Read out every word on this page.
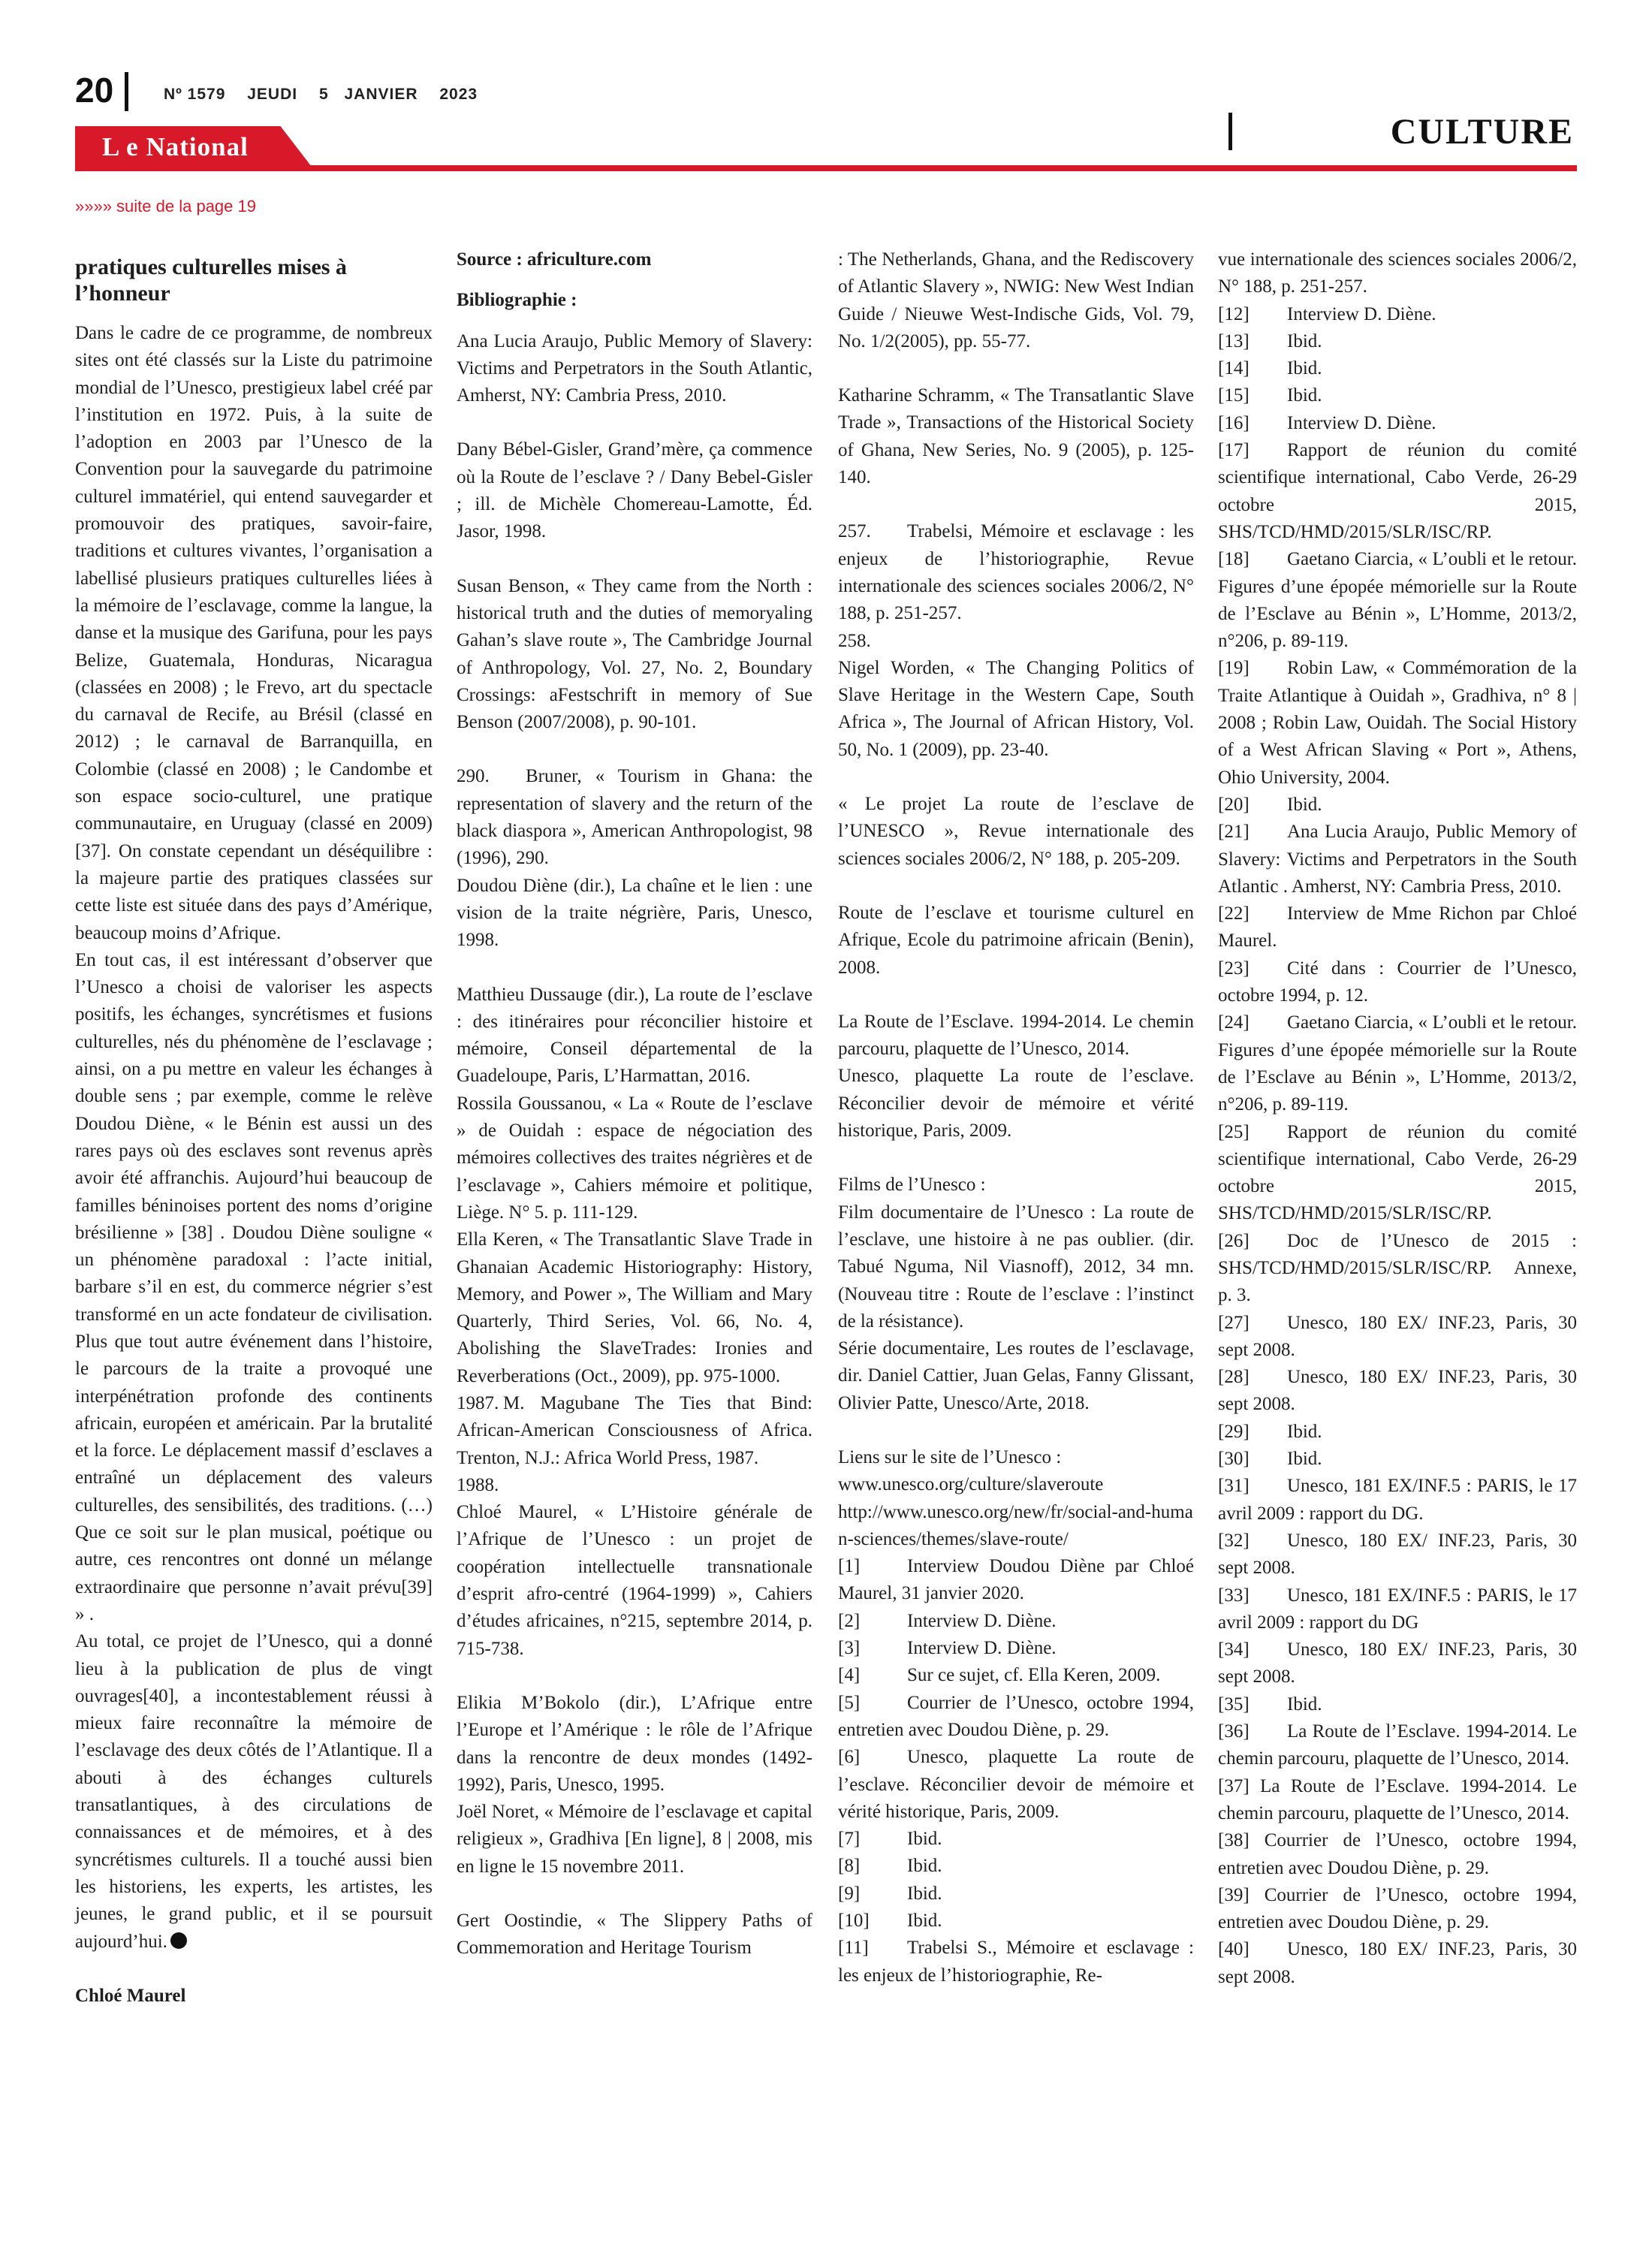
20	Nº 1579 JEUDI 5 JANVIER 2023
CULTURE
L e National
»»»» suite de la page 19

pratiques culturelles mises à l’honneur

Dans le cadre de ce programme, de nombreux sites ont été classés sur la Liste du patrimoine mondial de l’Unesco, prestigieux label créé par l’institution en 1972. Puis, à la suite de l’adoption en 2003 par l’Unesco de la Convention pour la sauvegarde du patrimoine culturel immatériel, qui entend sauvegarder et promouvoir des pratiques, savoir-faire, traditions et cultures vivantes, l’organisation a labellisé plusieurs pratiques culturelles liées à la mémoire de l’esclavage, comme la langue, la danse et la musique des Garifuna, pour les pays Belize, Guatemala, Honduras, Nicaragua (classées en 2008) ; le Frevo, art du spectacle du carnaval de Recife, au Brésil (classé en 2012) ; le carnaval de Barranquilla, en Colombie (classé en 2008) ; le Candombe et son espace socio-culturel, une pratique communautaire, en Uruguay (classé en 2009)[37]. On constate cependant un déséquilibre : la majeure partie des pratiques classées sur cette liste est située dans des pays d’Amérique, beaucoup moins d’Afrique.

En tout cas, il est intéressant d’observer que l’Unesco a choisi de valoriser les aspects positifs, les échanges, syncrétismes et fusions culturelles, nés du phénomène de l’esclavage ; ainsi, on a pu mettre en valeur les échanges à double sens ; par exemple, comme le relève Doudou Diène, « le Bénin est aussi un des rares pays où des esclaves sont revenus après avoir été affranchis. Aujourd’hui beaucoup de familles béninoises portent des noms d’origine brésilienne » [38] . Doudou Diène souligne « un phénomène paradoxal : l’acte initial, barbare s’il en est, du commerce négrier s’est transformé en un acte fondateur de civilisation. Plus que tout autre événement dans l’histoire, le parcours de la traite a provoqué une interpénétration profonde des continents africain, européen et américain. Par la brutalité et la force. Le déplacement massif d’esclaves a entraîné un déplacement des valeurs culturelles, des sensibilités, des traditions. (…) Que ce soit sur le plan musical, poétique ou autre, ces rencontres ont donné un mélange extraordinaire que personne n’avait prévu[39] » .

Au total, ce projet de l’Unesco, qui a donné lieu à la publication de plus de vingt ouvrages[40], a incontestablement réussi à mieux faire reconnaître la mémoire de l’esclavage des deux côtés de l’Atlantique. Il a abouti à des échanges culturels transatlantiques, à des circulations de connaissances et de mémoires, et à des syncrétismes culturels. Il a touché aussi bien les historiens, les experts, les artistes, les jeunes, le grand public, et il se poursuit aujourd’hui.

Chloé Maurel

Source : africulture.com

Bibliographie :

Ana Lucia Araujo, Public Memory of Slavery: Victims and Perpetrators in the South Atlantic, Amherst, NY: Cambria Press, 2010.

Dany Bébel-Gisler, Grand’mère, ça commence où la Route de l’esclave ? / Dany Bebel-Gisler ; ill. de Michèle Chomereau-Lamotte, Éd. Jasor, 1998.

Susan Benson, « They came from the North : historical truth and the duties of memoryaling Gahan’s slave route », The Cambridge Journal of Anthropology, Vol. 27, No. 2, Boundary Crossings: aFestschrift in memory of Sue Benson (2007/2008), p. 90-101.

290. Bruner, « Tourism in Ghana: the representation of slavery and the return of the black diaspora », American Anthropologist, 98 (1996), 290.

Doudou Diène (dir.), La chaîne et le lien : une vision de la traite négrière, Paris, Unesco, 1998.

Matthieu Dussauge (dir.), La route de l’esclave : des itinéraires pour réconcilier histoire et mémoire, Conseil départemental de la Guadeloupe, Paris, L’Harmattan, 2016.

Rossila Goussanou, « La « Route de l’esclave » de Ouidah : espace de négociation des mémoires collectives des traites négrières et de l’esclavage », Cahiers mémoire et politique, Liège. N° 5. p. 111-129.

Ella Keren, « The Transatlantic Slave Trade in Ghanaian Academic Historiography: History, Memory, and Power », The William and Mary Quarterly, Third Series, Vol. 66, No. 4, Abolishing the SlaveTrades: Ironies and Reverberations (Oct., 2009), pp. 975-1000.

1987. M. Magubane The Ties that Bind: African-American Consciousness of Africa. Trenton, N.J.: Africa World Press, 1987.

1988.

Chloé Maurel, « L’Histoire générale de l’Afrique de l’Unesco : un projet de coopération intellectuelle transnationale d’esprit afro-centré (1964-1999) », Cahiers d’études africaines, n°215, septembre 2014, p. 715-738.

Elikia M’Bokolo (dir.), L’Afrique entre l’Europe et l’Amérique : le rôle de l’Afrique dans la rencontre de deux mondes (1492-1992), Paris, Unesco, 1995.

Joël Noret, « Mémoire de l’esclavage et capital religieux », Gradhiva [En ligne], 8 | 2008, mis en ligne le 15 novembre 2011.

Gert Oostindie, « The Slippery Paths of Commemoration and Heritage Tourism

: The Netherlands, Ghana, and the Rediscovery of Atlantic Slavery », NWIG: New West Indian Guide / Nieuwe West-Indische Gids, Vol. 79, No. 1/2(2005), pp. 55-77.

Katharine Schramm, « The Transatlantic Slave Trade », Transactions of the Historical Society of Ghana, New Series, No. 9 (2005), p. 125-140.

257. Trabelsi, Mémoire et esclavage : les enjeux de l’historiographie, Revue internationale des sciences sociales 2006/2, N° 188, p. 251-257.

258.

Nigel Worden, « The Changing Politics of Slave Heritage in the Western Cape, South Africa », The Journal of African History, Vol. 50, No. 1 (2009), pp. 23-40.

« Le projet La route de l’esclave de l’UNESCO », Revue internationale des sciences sociales 2006/2, N° 188, p. 205-209.

Route de l’esclave et tourisme culturel en Afrique, Ecole du patrimoine africain (Benin), 2008.

La Route de l’Esclave. 1994-2014. Le chemin parcouru, plaquette de l’Unesco, 2014.

Unesco, plaquette La route de l’esclave. Réconcilier devoir de mémoire et vérité historique, Paris, 2009.

Films de l’Unesco :

Film documentaire de l’Unesco : La route de l’esclave, une histoire à ne pas oublier. (dir. Tabué Nguma, Nil Viasnoff), 2012, 34 mn. (Nouveau titre : Route de l’esclave : l’instinct de la résistance).

Série documentaire, Les routes de l’esclavage, dir. Daniel Cattier, Juan Gelas, Fanny Glissant, Olivier Patte, Unesco/Arte, 2018.

Liens sur le site de l’Unesco :

www.unesco.org/culture/slaveroute

http://www.unesco.org/new/fr/social-and-human-sciences/themes/slave-route/

[1]	Interview Doudou Diène par Chloé Maurel, 31 janvier 2020.

[2]	Interview D. Diène.

[3]	Interview D. Diène.

[4]	Sur ce sujet, cf. Ella Keren, 2009.

[5]	Courrier de l’Unesco, octobre 1994, entretien avec Doudou Diène, p. 29.

[6]	Unesco, plaquette La route de l’esclave. Réconcilier devoir de mémoire et vérité historique, Paris, 2009.

[7]	Ibid.

[8]	Ibid.

[9]	Ibid.

[10] Ibid.

[11] Trabelsi S., Mémoire et esclavage : les enjeux de l’historiographie, Re-

vue internationale des sciences sociales 2006/2, N° 188, p. 251-257.

[12] Interview D. Diène.

[13] Ibid.

[14] Ibid.

[15] Ibid.

[16] Interview D. Diène.

[17] Rapport de réunion du comité scientifique international, Cabo Verde, 26-29 octobre 2015, SHS/TCD/HMD/2015/SLR/ISC/RP.

[18] Gaetano Ciarcia, « L’oubli et le retour. Figures d’une épopée mémorielle sur la Route de l’Esclave au Bénin », L’Homme, 2013/2, n°206, p. 89-119.

[19] Robin Law, « Commémoration de la Traite Atlantique à Ouidah », Gradhiva, n° 8 | 2008 ; Robin Law, Ouidah. The Social History of a West African Slaving « Port », Athens, Ohio University, 2004.

[20] Ibid.

[21] Ana Lucia Araujo, Public Memory of Slavery: Victims and Perpetrators in the South Atlantic . Amherst, NY: Cambria Press, 2010.

[22] Interview de Mme Richon par Chloé Maurel.

[23] Cité dans : Courrier de l’Unesco, octobre 1994, p. 12.

[24] Gaetano Ciarcia, « L’oubli et le retour. Figures d’une épopée mémorielle sur la Route de l’Esclave au Bénin », L’Homme, 2013/2, n°206, p. 89-119.

[25] Rapport de réunion du comité scientifique international, Cabo Verde, 26-29 octobre 2015, SHS/TCD/HMD/2015/SLR/ISC/RP.

[26] Doc de l’Unesco de 2015 : SHS/TCD/HMD/2015/SLR/ISC/RP. Annexe, p. 3.

[27] Unesco, 180 EX/ INF.23, Paris, 30 sept 2008.

[28] Unesco, 180 EX/ INF.23, Paris, 30 sept 2008.

[29] Ibid.

[30] Ibid.

[31] Unesco, 181 EX/INF.5 : PARIS, le 17 avril 2009 : rapport du DG.

[32] Unesco, 180 EX/ INF.23, Paris, 30 sept 2008.

[33] Unesco, 181 EX/INF.5 : PARIS, le 17 avril 2009 : rapport du DG

[34] Unesco, 180 EX/ INF.23, Paris, 30 sept 2008.

[35] Ibid.

[36] La Route de l’Esclave. 1994-2014. Le chemin parcouru, plaquette de l’Unesco, 2014.

[37] La Route de l’Esclave. 1994-2014. Le chemin parcouru, plaquette de l’Unesco, 2014.

[38] Courrier de l’Unesco, octobre 1994, entretien avec Doudou Diène, p. 29.

[39] Courrier de l’Unesco, octobre 1994, entretien avec Doudou Diène, p. 29.

[40] Unesco, 180 EX/ INF.23, Paris, 30 sept 2008.
